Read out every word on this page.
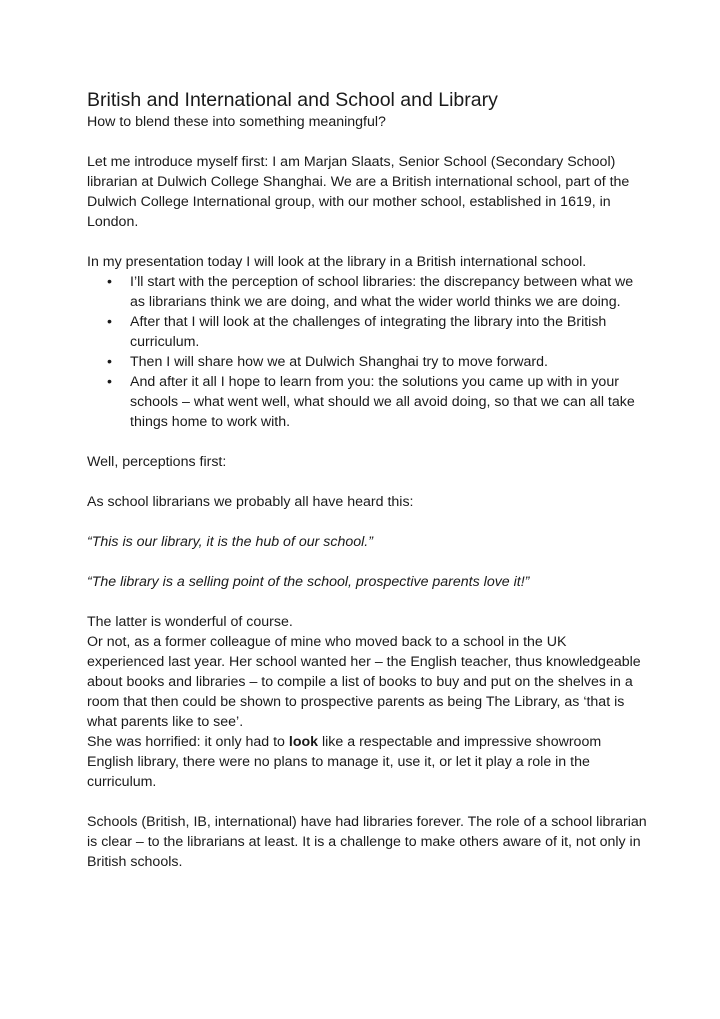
British and International and School and Library

How to blend these into something meaningful?

Let me introduce myself first: I am Marjan Slaats, Senior School (Secondary School) librarian at Dulwich College Shanghai. We are a British international school, part of the Dulwich College International group, with our mother school, established in 1619, in London.

In my presentation today I will look at the library in a British international school.

• I’ll start with the perception of school libraries: the discrepancy between what we as librarians think we are doing, and what the wider world thinks we are doing.
• After that I will look at the challenges of integrating the library into the British curriculum.
• Then I will share how we at Dulwich Shanghai try to move forward.
• And after it all I hope to learn from you: the solutions you came up with in your schools – what went well, what should we all avoid doing, so that we can all take things home to work with.

Well, perceptions first:

As school librarians we probably all have heard this:

“This is our library, it is the hub of our school.”

“The library is a selling point of the school, prospective parents love it!”

The latter is wonderful of course.

Or not, as a former colleague of mine who moved back to a school in the UK experienced last year. Her school wanted her – the English teacher, thus knowledgeable about books and libraries – to compile a list of books to buy and put on the shelves in a room that then could be shown to prospective parents as being The Library, as ‘that is what parents like to see’.

She was horrified: it only had to look like a respectable and impressive showroom English library, there were no plans to manage it, use it, or let it play a role in the curriculum.

Schools (British, IB, international) have had libraries forever. The role of a school librarian is clear – to the librarians at least. It is a challenge to make others aware of it, not only in British schools.
